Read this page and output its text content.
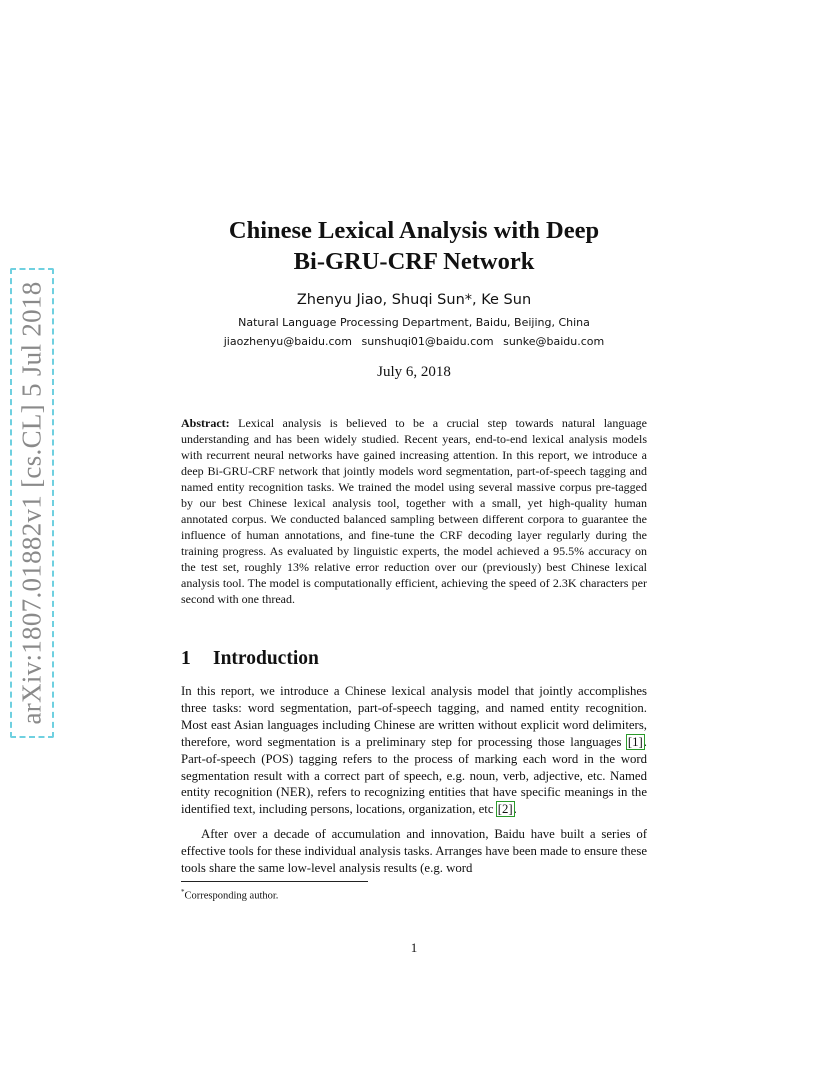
arXiv:1807.01882v1 [cs.CL] 5 Jul 2018
Chinese Lexical Analysis with Deep
Bi-GRU-CRF Network
Zhenyu Jiao, Shuqi Sun*, Ke Sun
Natural Language Processing Department, Baidu, Beijing, China
jiaozhenyu@baidu.com sunshuqi01@baidu.com sunke@baidu.com
July 6, 2018
Abstract: Lexical analysis is believed to be a crucial step towards natural language understanding and has been widely studied. Recent years, end-to-end lexical analysis models with recurrent neural networks have gained increasing attention. In this report, we introduce a deep Bi-GRU-CRF network that jointly models word segmentation, part-of-speech tagging and named entity recognition tasks. We trained the model using several massive corpus pre-tagged by our best Chinese lexical analysis tool, together with a small, yet high-quality human annotated corpus. We conducted balanced sampling between different corpora to guarantee the influence of human annotations, and fine-tune the CRF decoding layer regularly during the training progress. As evaluated by linguistic experts, the model achieved a 95.5% accuracy on the test set, roughly 13% relative error reduction over our (previously) best Chinese lexical analysis tool. The model is computationally efficient, achieving the speed of 2.3K characters per second with one thread.
1 Introduction
In this report, we introduce a Chinese lexical analysis model that jointly accomplishes three tasks: word segmentation, part-of-speech tagging, and named entity recognition. Most east Asian languages including Chinese are written without explicit word delimiters, therefore, word segmentation is a preliminary step for processing those languages [1]. Part-of-speech (POS) tagging refers to the process of marking each word in the word segmentation result with a correct part of speech, e.g. noun, verb, adjective, etc. Named entity recognition (NER), refers to recognizing entities that have specific meanings in the identified text, including persons, locations, organization, etc [2].
After over a decade of accumulation and innovation, Baidu have built a series of effective tools for these individual analysis tasks. Arranges have been made to ensure these tools share the same low-level analysis results (e.g. word
*Corresponding author.
1
